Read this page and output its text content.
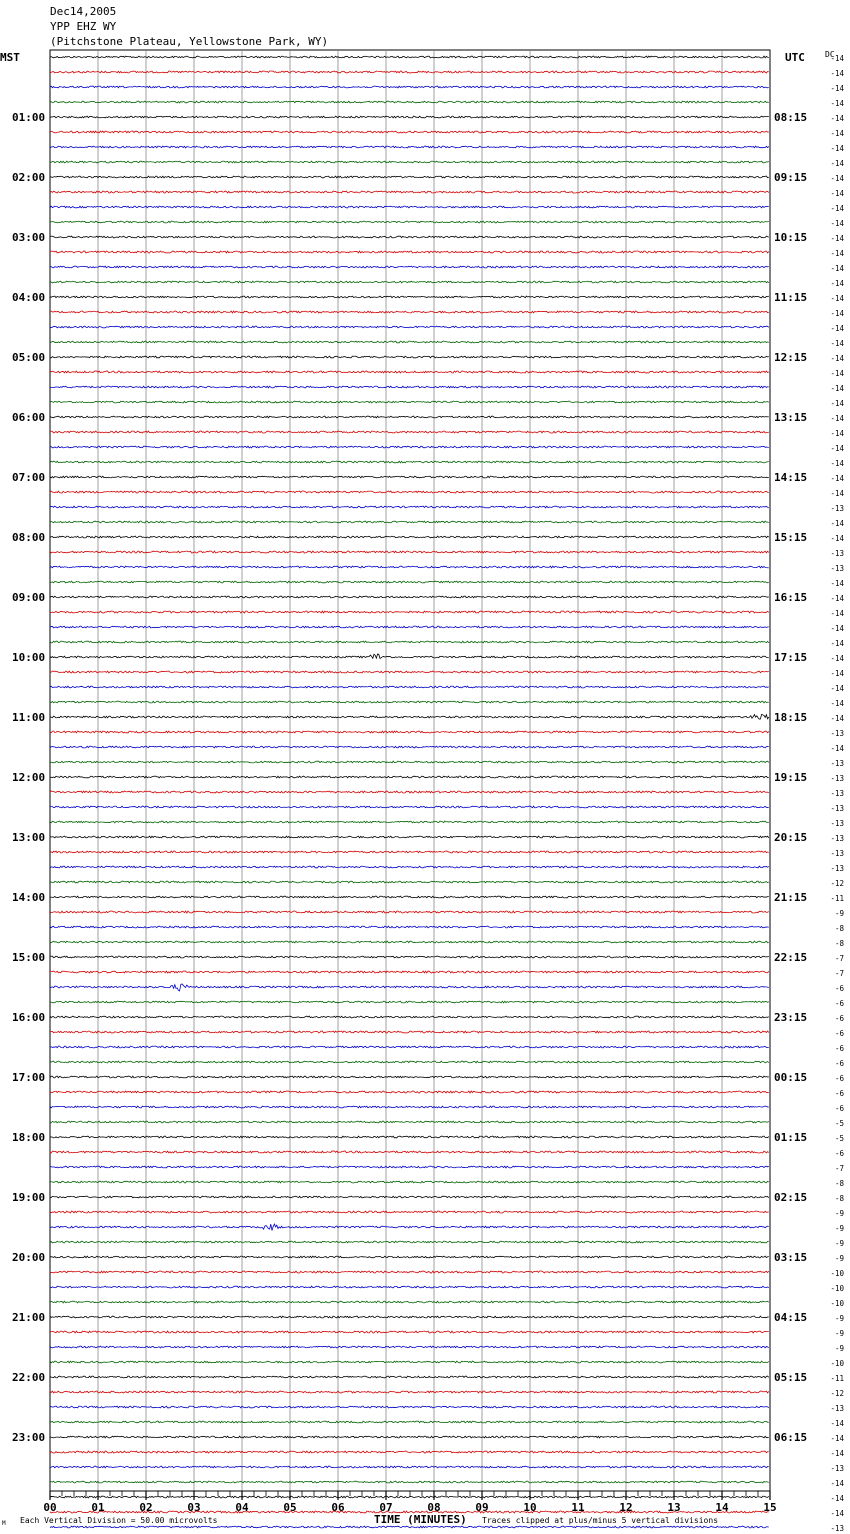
Dec14,2005
YPP EHZ WY
(Pitchstone Plateau, Yellowstone Park, WY)
MST	UTC	DC
01:00
02:00
03:00
04:00
05:00
06:00
07:00
08:00
09:00
10:00
11:00
12:00
13:00
14:00
15:00
16:00
17:00
18:00
19:00
20:00
21:00
22:00
23:00
08:15
09:15
10:15
11:15
12:15
13:15
14:15
15:15
16:15
17:15
18:15
19:15
20:15
21:15
22:15
23:15
00:15
01:15
02:15
03:15
04:15
05:15
06:15
-14
-14
-14
-14
-14
-14
-14
-14
-14
-14
-14
-14
-14
-14
-14
-14
-14
-14
-14
-14
-14
-14
-14
-14
-14
-14
-14
-14
-14
-14
-13
-14
-14
-13
-13
-14
-14
-14
-14
-14
-14
-14
-14
-14
-14
-13
-14
-13
-13
-13
-13
-13
-13
-13
-13
-12
-11
-9
-8
-8
-7
-7
-6
-6
-6
-6
-6
-6
-6
-6
-6
-5
-5
-6
-7
-8
-8
-9
-9
-9
-9
-10
-10
-10
-9
-9
-9
-10
-11
-12
-13
-14
-14
-14
-13
-14
-14
-14
-13
00	01	02	03	04	05	06	07	08	09	10	11	12	13	14	15
M Each Vertical Division = 50.00 microvolts	TIME (MINUTES) Traces clipped at plus/minus 5 vertical divisions
